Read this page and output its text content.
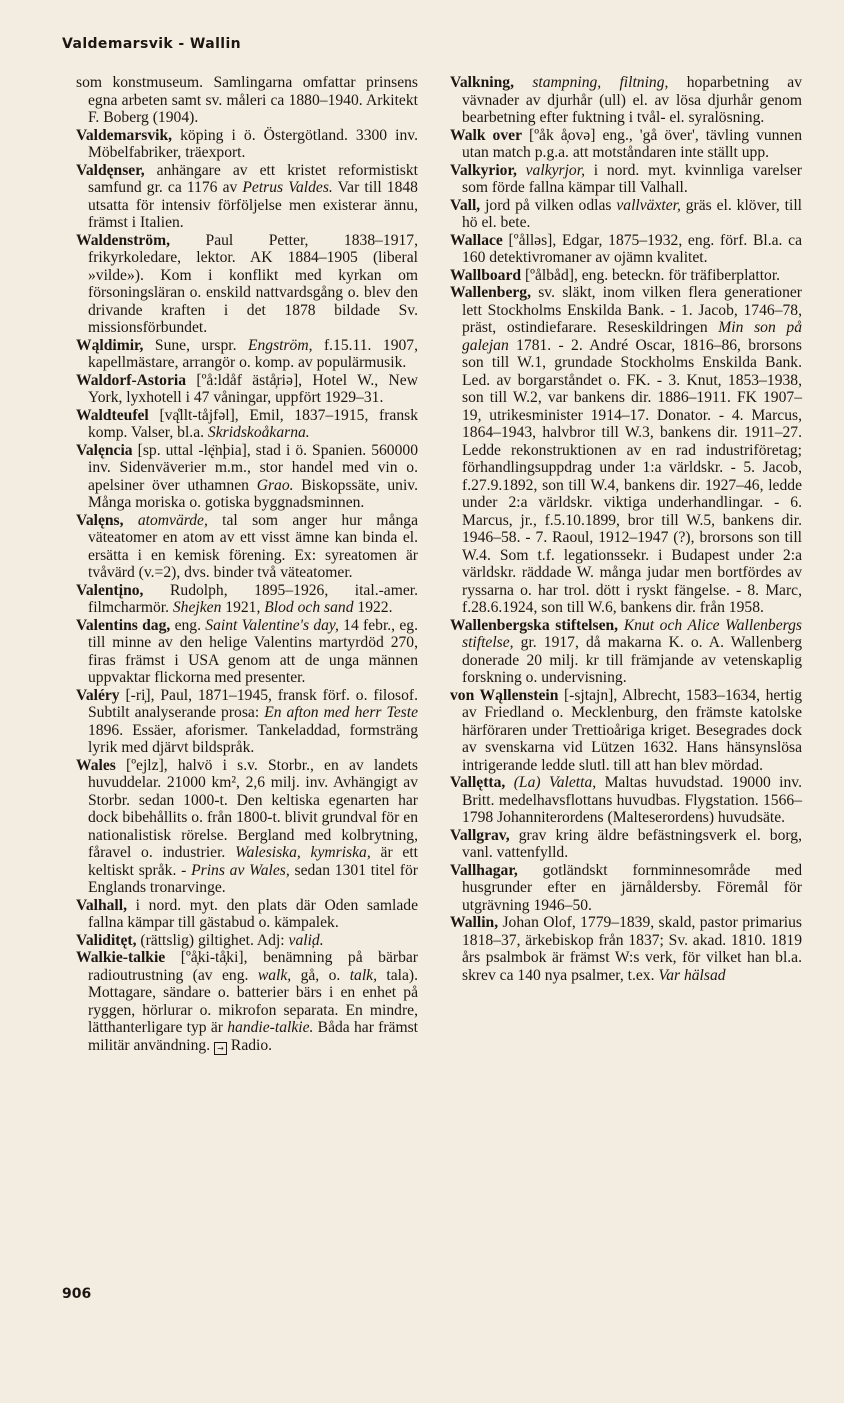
Valdemarsvik - Wallin

som konstmuseum. Samlingarna omfattar prinsens egna arbeten samt sv. måleri ca 1880–1940. Arkitekt F. Boberg (1904).

Valdemarsvik, köping i ö. Östergötland. 3300 inv. Möbelfabriker, träexport.

Valdęnser, anhängare av ett kristet reformistiskt samfund gr. ca 1176 av Petrus Valdes. Var till 1848 utsatta för intensiv förföljelse men existerar ännu, främst i Italien.

Waldenström, Paul Petter, 1838–1917, frikyrkoledare, lektor. AK 1884–1905 (liberal »vilde»). Kom i konflikt med kyrkan om försoningsläran o. enskild nattvardsgång o. blev den drivande kraften i det 1878 bildade Sv. missionsförbundet.

Wąldimir, Sune, urspr. Engström, f.15.11. 1907, kapellmästare, arrangör o. komp. av populärmusik.

Waldorf-Astoria [ºå:ldåf ästå̦riə], Hotel W., New York, lyxhotell i 47 våningar, uppfört 1929–31.

Waldteufel [vą̊llt-tåjfəl], Emil, 1837–1915, fransk komp. Valser, bl.a. Skridskoåkarna.

Valęncia [sp. uttal -lę̈nþia], stad i ö. Spanien. 560000 inv. Sidenväverier m.m., stor handel med vin o. apelsiner över uthamnen Grao. Biskopssäte, univ. Många moriska o. gotiska byggnadsminnen.

Valęns, atomvärde, tal som anger hur många väteatomer en atom av ett visst ämne kan binda el. ersätta i en kemisk förening. Ex: syreatomen är tvåvärd (v.=2), dvs. binder två väteatomer.

Valentįno, Rudolph, 1895–1926, ital.-amer. filmcharmör. Shejken 1921, Blod och sand 1922.

Valentins dag, eng. Saint Valentine's day, 14 febr., eg. till minne av den helige Valentins martyrdöd 270, firas främst i USA genom att de unga männen uppvaktar flickorna med presenter.

Valéry [-ri̦], Paul, 1871–1945, fransk förf. o. filosof. Subtilt analyserande prosa: En afton med herr Teste 1896. Essäer, aforismer. Tankeladdad, formsträng lyrik med djärvt bildspråk.

Wales [ºejlz], halvö i s.v. Storbr., en av landets huvuddelar. 21000 km², 2,6 milj. inv. Avhängigt av Storbr. sedan 1000-t. Den keltiska egenarten har dock bibehållits o. från 1800-t. blivit grundval för en nationalistisk rörelse. Bergland med kolbrytning, fåravel o. industrier. Walesiska, kymriska, är ett keltiskt språk. - Prins av Wales, sedan 1301 titel för Englands tronarvinge.

Valhall, i nord. myt. den plats där Oden samlade fallna kämpar till gästabud o. kämpalek.

Validitęt, (rättslig) giltighet. Adj: vali̦d.

Walkie-talkie [ºå̦ki-tå̦ki], benämning på bärbar radioutrustning (av eng. walk, gå, o. talk, tala). Mottagare, sändare o. batterier bärs i en enhet på ryggen, hörlurar o. mikrofon separata. En mindre, lätthanterligare typ är handie-talkie. Båda har främst militär användning. → Radio.

Valkning, stampning, filtning, hoparbetning av vävnader av djurhår (ull) el. av lösa djurhår genom bearbetning efter fuktning i tvål- el. syralösning.

Walk over [ºåk å̦ovə] eng., 'gå över', tävling vunnen utan match p.g.a. att motståndaren inte ställt upp.

Valkyrior, valkyrjor, i nord. myt. kvinnliga varelser som förde fallna kämpar till Valhall.

Vall, jord på vilken odlas vallväxter, gräs el. klöver, till hö el. bete.

Wallace [ºålləs], Edgar, 1875–1932, eng. förf. Bl.a. ca 160 detektivromaner av ojämn kvalitet.

Wallboard [ºålbåd], eng. beteckn. för träfiberplattor.

Wallenberg, sv. släkt, inom vilken flera generationer lett Stockholms Enskilda Bank. - 1. Jacob, 1746–78, präst, ostindiefarare. Reseskildringen Min son på galejan 1781. - 2. André Oscar, 1816–86, brorsons son till W.1, grundade Stockholms Enskilda Bank. Led. av borgarståndet o. FK. - 3. Knut, 1853–1938, son till W.2, var bankens dir. 1886–1911. FK 1907–19, utrikesminister 1914–17. Donator. - 4. Marcus, 1864–1943, halvbror till W.3, bankens dir. 1911–27. Ledde rekonstruktionen av en rad industriföretag; förhandlingsuppdrag under 1:a världskr. - 5. Jacob, f.27.9.1892, son till W.4, bankens dir. 1927–46, ledde under 2:a världskr. viktiga underhandlingar. - 6. Marcus, jr., f.5.10.1899, bror till W.5, bankens dir. 1946–58. - 7. Raoul, 1912–1947 (?), brorsons son till W.4. Som t.f. legationssekr. i Budapest under 2:a världskr. räddade W. många judar men bortfördes av ryssarna o. har trol. dött i ryskt fängelse. - 8. Marc, f.28.6.1924, son till W.6, bankens dir. från 1958.

Wallenbergska stiftelsen, Knut och Alice Wallenbergs stiftelse, gr. 1917, då makarna K. o. A. Wallenberg donerade 20 milj. kr till främjande av vetenskaplig forskning o. undervisning.

von Wąllenstein [-sjtajn], Albrecht, 1583–1634, hertig av Friedland o. Mecklenburg, den främste katolske härföraren under Trettioåriga kriget. Besegrades dock av svenskarna vid Lützen 1632. Hans hänsynslösa intrigerande ledde slutl. till att han blev mördad.

Vallętta, (La) Valetta, Maltas huvudstad. 19000 inv. Britt. medelhavsflottans huvudbas. Flygstation. 1566–1798 Johanniterordens (Malteserordens) huvudsäte.

Vallgrav, grav kring äldre befästningsverk el. borg, vanl. vattenfylld.

Vallhagar, gotländskt fornminnesområde med husgrunder efter en järnåldersby. Föremål för utgrävning 1946–50.

Wallin, Johan Olof, 1779–1839, skald, pastor primarius 1818–37, ärkebiskop från 1837; Sv. akad. 1810. 1819 års psalmbok är främst W:s verk, för vilket han bl.a. skrev ca 140 nya psalmer, t.ex. Var hälsad

906
